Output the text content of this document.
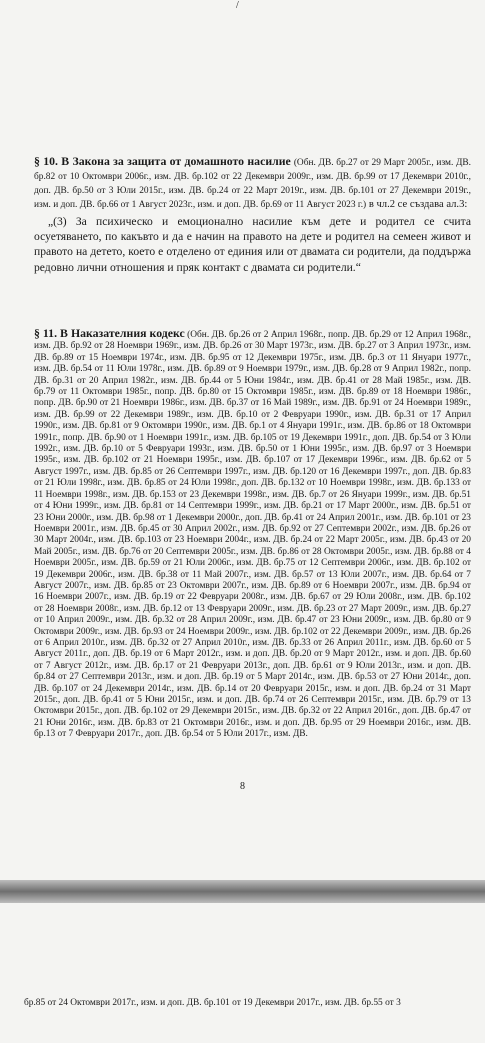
/
§ 10. В Закона за защита от домашното насилие (Обн. ДВ. бр.27 от 29 Март 2005г., изм. ДВ. бр.82 от 10 Октомври 2006г., изм. ДВ. бр.102 от 22 Декември 2009г., изм. ДВ. бр.99 от 17 Декември 2010г., доп. ДВ. бр.50 от 3 Юли 2015г., изм. ДВ. бр.24 от 22 Март 2019г., изм. ДВ. бр.101 от 27 Декември 2019г., изм. и доп. ДВ. бр.66 от 1 Август 2023г., изм. и доп. ДВ. бр.69 от 11 Август 2023 г.) в чл.2 се създава ал.3:
„(3) За психическо и емоционално насилие към дете и родител се счита осуетяването, по какъвто и да е начин на правото на дете и родител на семеен живот и правото на детето, което е отделено от единия или от двамата си родители, да поддържа редовно лични отношения и пряк контакт с двамата си родители.“
§ 11. В Наказателния кодекс (Обн. ДВ. бр.26 от 2 Април 1968г., попр. ДВ. бр.29 от 12 Април 1968г., изм. ДВ. бр.92 от 28 Ноември 1969г., изм. ДВ. бр.26 от 30 Март 1973г., изм. ДВ. бр.27 от 3 Април 1973г., изм. ДВ. бр.89 от 15 Ноември 1974г., изм. ДВ. бр.95 от 12 Декември 1975г., изм. ДВ. бр.3 от 11 Януари 1977г., изм. ДВ. бр.54 от 11 Юли 1978г., изм. ДВ. бр.89 от 9 Ноември 1979г., изм. ДВ. бр.28 от 9 Април 1982г., попр. ДВ. бр.31 от 20 Април 1982г., изм. ДВ. бр.44 от 5 Юни 1984г., изм. ДВ. бр.41 от 28 Май 1985г., изм. ДВ. бр.79 от 11 Октомври 1985г., попр. ДВ. бр.80 от 15 Октомври 1985г., изм. ДВ. бр.89 от 18 Ноември 1986г., попр. ДВ. бр.90 от 21 Ноември 1986г., изм. ДВ. бр.37 от 16 Май 1989г., изм. ДВ. бр.91 от 24 Ноември 1989г., изм. ДВ. бр.99 от 22 Декември 1989г., изм. ДВ. бр.10 от 2 Февруари 1990г., изм. ДВ. бр.31 от 17 Април 1990г., изм. ДВ. бр.81 от 9 Октомври 1990г., изм. ДВ. бр.1 от 4 Януари 1991г., изм. ДВ. бр.86 от 18 Октомври 1991г., попр. ДВ. бр.90 от 1 Ноември 1991г., изм. ДВ. бр.105 от 19 Декември 1991г., доп. ДВ. бр.54 от 3 Юли 1992г., изм. ДВ. бр.10 от 5 Февруари 1993г., изм. ДВ. бр.50 от 1 Юни 1995г., изм. ДВ. бр.97 от 3 Ноември 1995г., изм. ДВ. бр.102 от 21 Ноември 1995г., изм. ДВ. бр.107 от 17 Декември 1996г., изм. ДВ. бр.62 от 5 Август 1997г., изм. ДВ. бр.85 от 26 Септември 1997г., изм. ДВ. бр.120 от 16 Декември 1997г., доп. ДВ. бр.83 от 21 Юли 1998г., изм. ДВ. бр.85 от 24 Юли 1998г., доп. ДВ. бр.132 от 10 Ноември 1998г., изм. ДВ. бр.133 от 11 Ноември 1998г., изм. ДВ. бр.153 от 23 Декември 1998г., изм. ДВ. бр.7 от 26 Януари 1999г., изм. ДВ. бр.51 от 4 Юни 1999г., изм. ДВ. бр.81 от 14 Септември 1999г., изм. ДВ. бр.21 от 17 Март 2000г., изм. ДВ. бр.51 от 23 Юни 2000г., изм. ДВ. бр.98 от 1 Декември 2000г., доп. ДВ. бр.41 от 24 Април 2001г., изм. ДВ. бр.101 от 23 Ноември 2001г., изм. ДВ. бр.45 от 30 Април 2002г., изм. ДВ. бр.92 от 27 Септември 2002г., изм. ДВ. бр.26 от 30 Март 2004г., изм. ДВ. бр.103 от 23 Ноември 2004г., изм. ДВ. бр.24 от 22 Март 2005г., изм. ДВ. бр.43 от 20 Май 2005г., изм. ДВ. бр.76 от 20 Септември 2005г., изм. ДВ. бр.86 от 28 Октомври 2005г., изм. ДВ. бр.88 от 4 Ноември 2005г., изм. ДВ. бр.59 от 21 Юли 2006г., изм. ДВ. бр.75 от 12 Септември 2006г., изм. ДВ. бр.102 от 19 Декември 2006г., изм. ДВ. бр.38 от 11 Май 2007г., изм. ДВ. бр.57 от 13 Юли 2007г., изм. ДВ. бр.64 от 7 Август 2007г., изм. ДВ. бр.85 от 23 Октомври 2007г., изм. ДВ. бр.89 от 6 Ноември 2007г., изм. ДВ. бр.94 от 16 Ноември 2007г., изм. ДВ. бр.19 от 22 Февруари 2008г., изм. ДВ. бр.67 от 29 Юли 2008г., изм. ДВ. бр.102 от 28 Ноември 2008г., изм. ДВ. бр.12 от 13 Февруари 2009г., изм. ДВ. бр.23 от 27 Март 2009г., изм. ДВ. бр.27 от 10 Април 2009г., изм. ДВ. бр.32 от 28 Април 2009г., изм. ДВ. бр.47 от 23 Юни 2009г., изм. ДВ. бр.80 от 9 Октомври 2009г., изм. ДВ. бр.93 от 24 Ноември 2009г., изм. ДВ. бр.102 от 22 Декември 2009г., изм. ДВ. бр.26 от 6 Април 2010г., изм. ДВ. бр.32 от 27 Април 2010г., изм. ДВ. бр.33 от 26 Април 2011г., изм. ДВ. бр.60 от 5 Август 2011г., доп. ДВ. бр.19 от 6 Март 2012г., изм. и доп. ДВ. бр.20 от 9 Март 2012г., изм. и доп. ДВ. бр.60 от 7 Август 2012г., изм. ДВ. бр.17 от 21 Февруари 2013г., доп. ДВ. бр.61 от 9 Юли 2013г., изм. и доп. ДВ. бр.84 от 27 Септември 2013г., изм. и доп. ДВ. бр.19 от 5 Март 2014г., изм. ДВ. бр.53 от 27 Юни 2014г., доп. ДВ. бр.107 от 24 Декември 2014г., изм. ДВ. бр.14 от 20 Февруари 2015г., изм. и доп. ДВ. бр.24 от 31 Март 2015г., доп. ДВ. бр.41 от 5 Юни 2015г., изм. и доп. ДВ. бр.74 от 26 Септември 2015г., изм. ДВ. бр.79 от 13 Октомври 2015г., доп. ДВ. бр.102 от 29 Декември 2015г., изм. ДВ. бр.32 от 22 Април 2016г., доп. ДВ. бр.47 от 21 Юни 2016г., изм. ДВ. бр.83 от 21 Октомври 2016г., изм. и доп. ДВ. бр.95 от 29 Ноември 2016г., изм. ДВ. бр.13 от 7 Февруари 2017г., доп. ДВ. бр.54 от 5 Юли 2017г., изм. ДВ.
8
бр.85 от 24 Октомври 2017г., изм. и доп. ДВ. бр.101 от 19 Декември 2017г., изм. ДВ. бр.55 от 3
